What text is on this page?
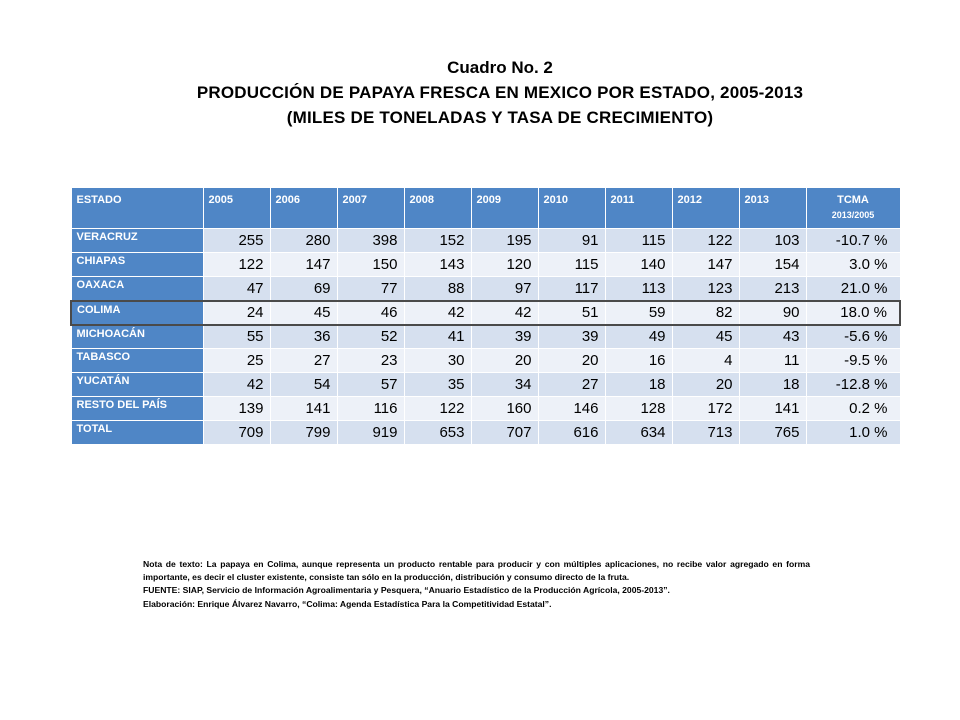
Cuadro No. 2
PRODUCCIÓN DE PAPAYA FRESCA EN MEXICO POR ESTADO, 2005-2013
(MILES DE TONELADAS Y TASA DE CRECIMIENTO)
ESTADO	2005	2006	2007	2008	2009	2010	2011	2012	2013	TCMA
2013/2005

VERACRUZ	255	280	398	152	195	91	115	122	103	-10.7 %
CHIAPAS	122	147	150	143	120	115	140	147	154	3.0 %
OAXACA	47	69	77	88	97	117	113	123	213	21.0 %
COLIMA	24	45	46	42	42	51	59	82	90	18.0 %
MICHOACÁN	55	36	52	41	39	39	49	45	43	-5.6 %
TABASCO	25	27	23	30	20	20	16	4	11	-9.5 %
YUCATÁN	42	54	57	35	34	27	18	20	18	-12.8 %
RESTO DEL PAÍS	139	141	116	122	160	146	128	172	141	0.2 %
TOTAL	709	799	919	653	707	616	634	713	765	1.0 %

Nota de texto: La papaya en Colima, aunque representa un producto rentable para producir y con múltiples aplicaciones, no recibe valor agregado en forma importante, es decir el cluster existente, consiste tan sólo en la producción, distribución y consumo directo de la fruta.

FUENTE: SIAP, Servicio de Información Agroalimentaria y Pesquera, “Anuario Estadístico de la Producción Agrícola, 2005-2013”.

Elaboración: Enrique Álvarez Navarro, “Colima: Agenda Estadística Para la Competitividad Estatal”.
